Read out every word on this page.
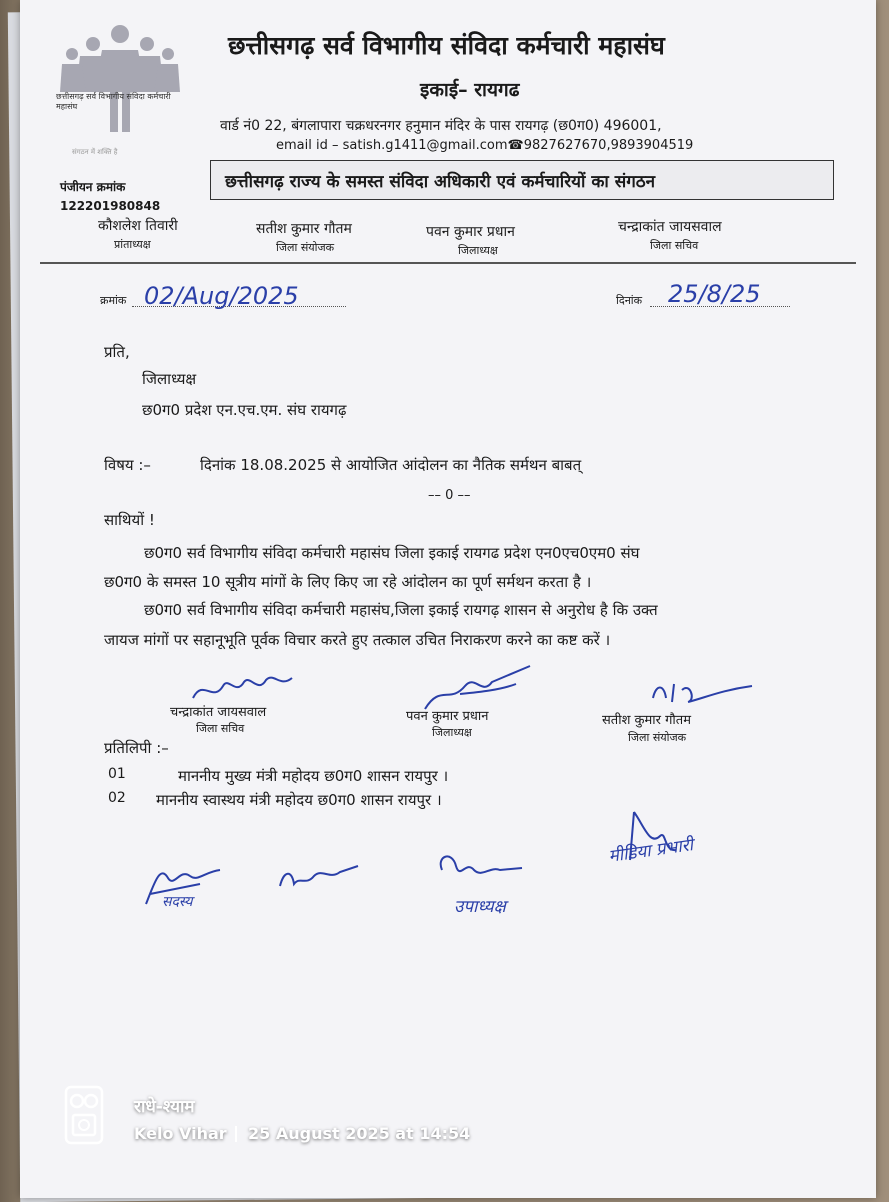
छत्तीसगढ़ सर्व विभागीय संविदा कर्मचारी महासंघ
संगठन में शक्ति है
छत्तीसगढ़ सर्व विभागीय संविदा कर्मचारी महासंघ
इकाई– रायगढ
वार्ड नं0 22, बंगलापारा चक्रधरनगर हनुमान मंदिर के पास रायगढ़ (छ0ग0) 496001,
email id – satish.g1411@gmail.com☎9827627670,9893904519
छत्तीसगढ़ राज्य के समस्त संविदा अधिकारी एवं कर्मचारियों का संगठन
पंजीयन क्रमांक
122201980848
कौशलेश तिवारी
प्रांताध्यक्ष
सतीश कुमार गौतम
जिला संयोजक
पवन कुमार प्रधान
जिलाध्यक्ष
चन्द्राकांत जायसवाल
जिला सचिव
क्रमांक 02/Aug/2025	दिनांक 25/8/25
प्रति,
जिलाध्यक्ष
छ0ग0 प्रदेश एन.एच.एम. संघ रायगढ़
विषय :–	दिनांक 18.08.2025 से आयोजित आंदोलन का नैतिक सर्मथन बाबत्
–– 0 ––
साथियों !
छ0ग0 सर्व विभागीय संविदा कर्मचारी महासंघ जिला इकाई रायगढ प्रदेश एन0एच0एम0 संघ
छ0ग0 के समस्त 10 सूत्रीय मांगों के लिए किए जा रहे आंदोलन का पूर्ण सर्मथन करता है ।
छ0ग0 सर्व विभागीय संविदा कर्मचारी महासंघ,जिला इकाई रायगढ़ शासन से अनुरोध है कि उक्त
जायज मांगों पर सहानूभूति पूर्वक विचार करते हुए तत्काल उचित निराकरण करने का कष्ट करें ।
चन्द्राकांत जायसवाल
जिला सचिव
पवन कुमार प्रधान
जिलाध्यक्ष
सतीश कुमार गौतम
जिला संयोजक
प्रतिलिपी :–
01	माननीय मुख्य मंत्री महोदय छ0ग0 शासन रायपुर ।
02 माननीय स्वास्थय मंत्री महोदय छ0ग0 शासन रायपुर ।
सदस्य	उपाध्यक्ष
मीडिया प्रभारी
राधे-श्याम
Kelo Vihar 25 August 2025 at 14:54
